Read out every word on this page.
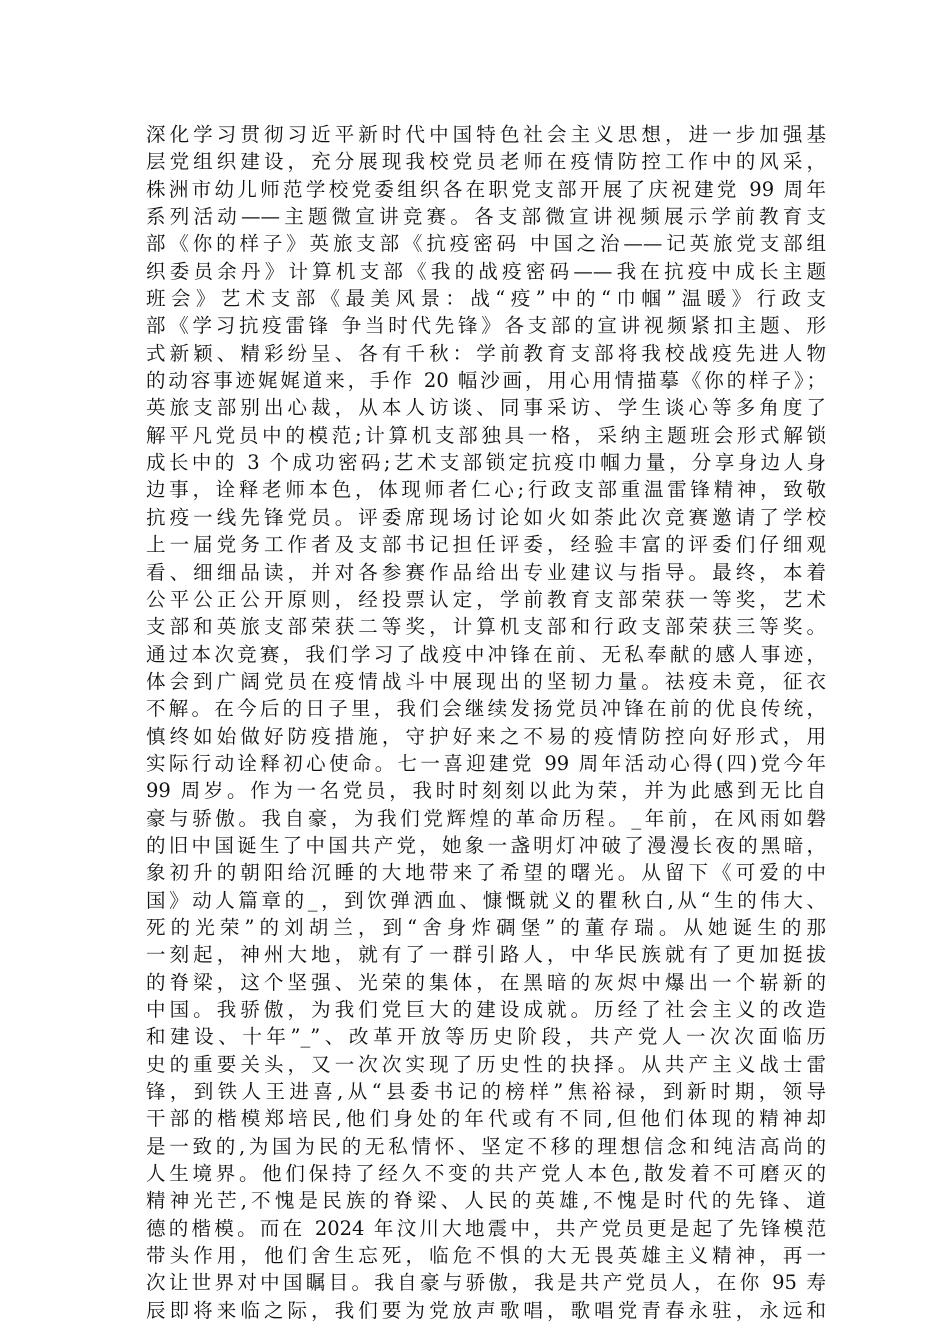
深化学习贯彻习近平新时代中国特色社会主义思想，进一步加强基
层党组织建设，充分展现我校党员老师在疫情防控工作中的风采，
株洲市幼儿师范学校党委组织各在职党支部开展了庆祝建党 99 周年
系列活动——主题微宣讲竞赛。各支部微宣讲视频展示学前教育支
部《你的样子》英旅支部《抗疫密码 中国之治——记英旅党支部组
织委员余丹》计算机支部《我的战疫密码——我在抗疫中成长主题
班会》艺术支部《最美风景：战“疫”中的“巾帼”温暖》行政支
部《学习抗疫雷锋 争当时代先锋》各支部的宣讲视频紧扣主题、形
式新颖、精彩纷呈、各有千秋：学前教育支部将我校战疫先进人物
的动容事迹娓娓道来，手作 20 幅沙画，用心用情描摹《你的样子》；
英旅支部别出心裁，从本人访谈、同事采访、学生谈心等多角度了
解平凡党员中的模范;计算机支部独具一格，采纳主题班会形式解锁
成长中的 3 个成功密码;艺术支部锁定抗疫巾帼力量，分享身边人身
边事，诠释老师本色，体现师者仁心;行政支部重温雷锋精神，致敬
抗疫一线先锋党员。评委席现场讨论如火如荼此次竞赛邀请了学校
上一届党务工作者及支部书记担任评委，经验丰富的评委们仔细观
看、细细品读，并对各参赛作品给出专业建议与指导。最终，本着
公平公正公开原则，经投票认定，学前教育支部荣获一等奖，艺术
支部和英旅支部荣获二等奖，计算机支部和行政支部荣获三等奖。
通过本次竞赛，我们学习了战疫中冲锋在前、无私奉献的感人事迹，
体会到广阔党员在疫情战斗中展现出的坚韧力量。祛疫未竟，征衣
不解。在今后的日子里，我们会继续发扬党员冲锋在前的优良传统，
慎终如始做好防疫措施，守护好来之不易的疫情防控向好形式，用
实际行动诠释初心使命。七一喜迎建党 99 周年活动心得(四)党今年
99 周岁。作为一名党员，我时时刻刻以此为荣，并为此感到无比自
豪与骄傲。我自豪，为我们党辉煌的革命历程。_年前，在风雨如磐
的旧中国诞生了中国共产党，她象一盏明灯冲破了漫漫长夜的黑暗，
象初升的朝阳给沉睡的大地带来了希望的曙光。从留下《可爱的中
国》动人篇章的_，到饮弹洒血、慷慨就义的瞿秋白,从“生的伟大、
死的光荣”的刘胡兰，到“舍身炸碉堡”的董存瑞。从她诞生的那
一刻起，神州大地，就有了一群引路人，中华民族就有了更加挺拔
的脊梁，这个坚强、光荣的集体，在黑暗的灰烬中爆出一个崭新的
中国。我骄傲，为我们党巨大的建设成就。历经了社会主义的改造
和建设、十年”_”、改革开放等历史阶段，共产党人一次次面临历
史的重要关头，又一次次实现了历史性的抉择。从共产主义战士雷
锋，到铁人王进喜,从“县委书记的榜样”焦裕禄，到新时期，领导
干部的楷模郑培民,他们身处的年代或有不同,但他们体现的精神却
是一致的,为国为民的无私情怀、坚定不移的理想信念和纯洁高尚的
人生境界。他们保持了经久不变的共产党人本色,散发着不可磨灭的
精神光芒,不愧是民族的脊梁、人民的英雄,不愧是时代的先锋、道
德的楷模。而在 2024 年汶川大地震中，共产党员更是起了先锋模范
带头作用，他们舍生忘死，临危不惧的大无畏英雄主义精神，再一
次让世界对中国瞩目。我自豪与骄傲，我是共产党员人，在你 95 寿
辰即将来临之际，我们要为党放声歌唱，歌唱党青春永驻，永远和
